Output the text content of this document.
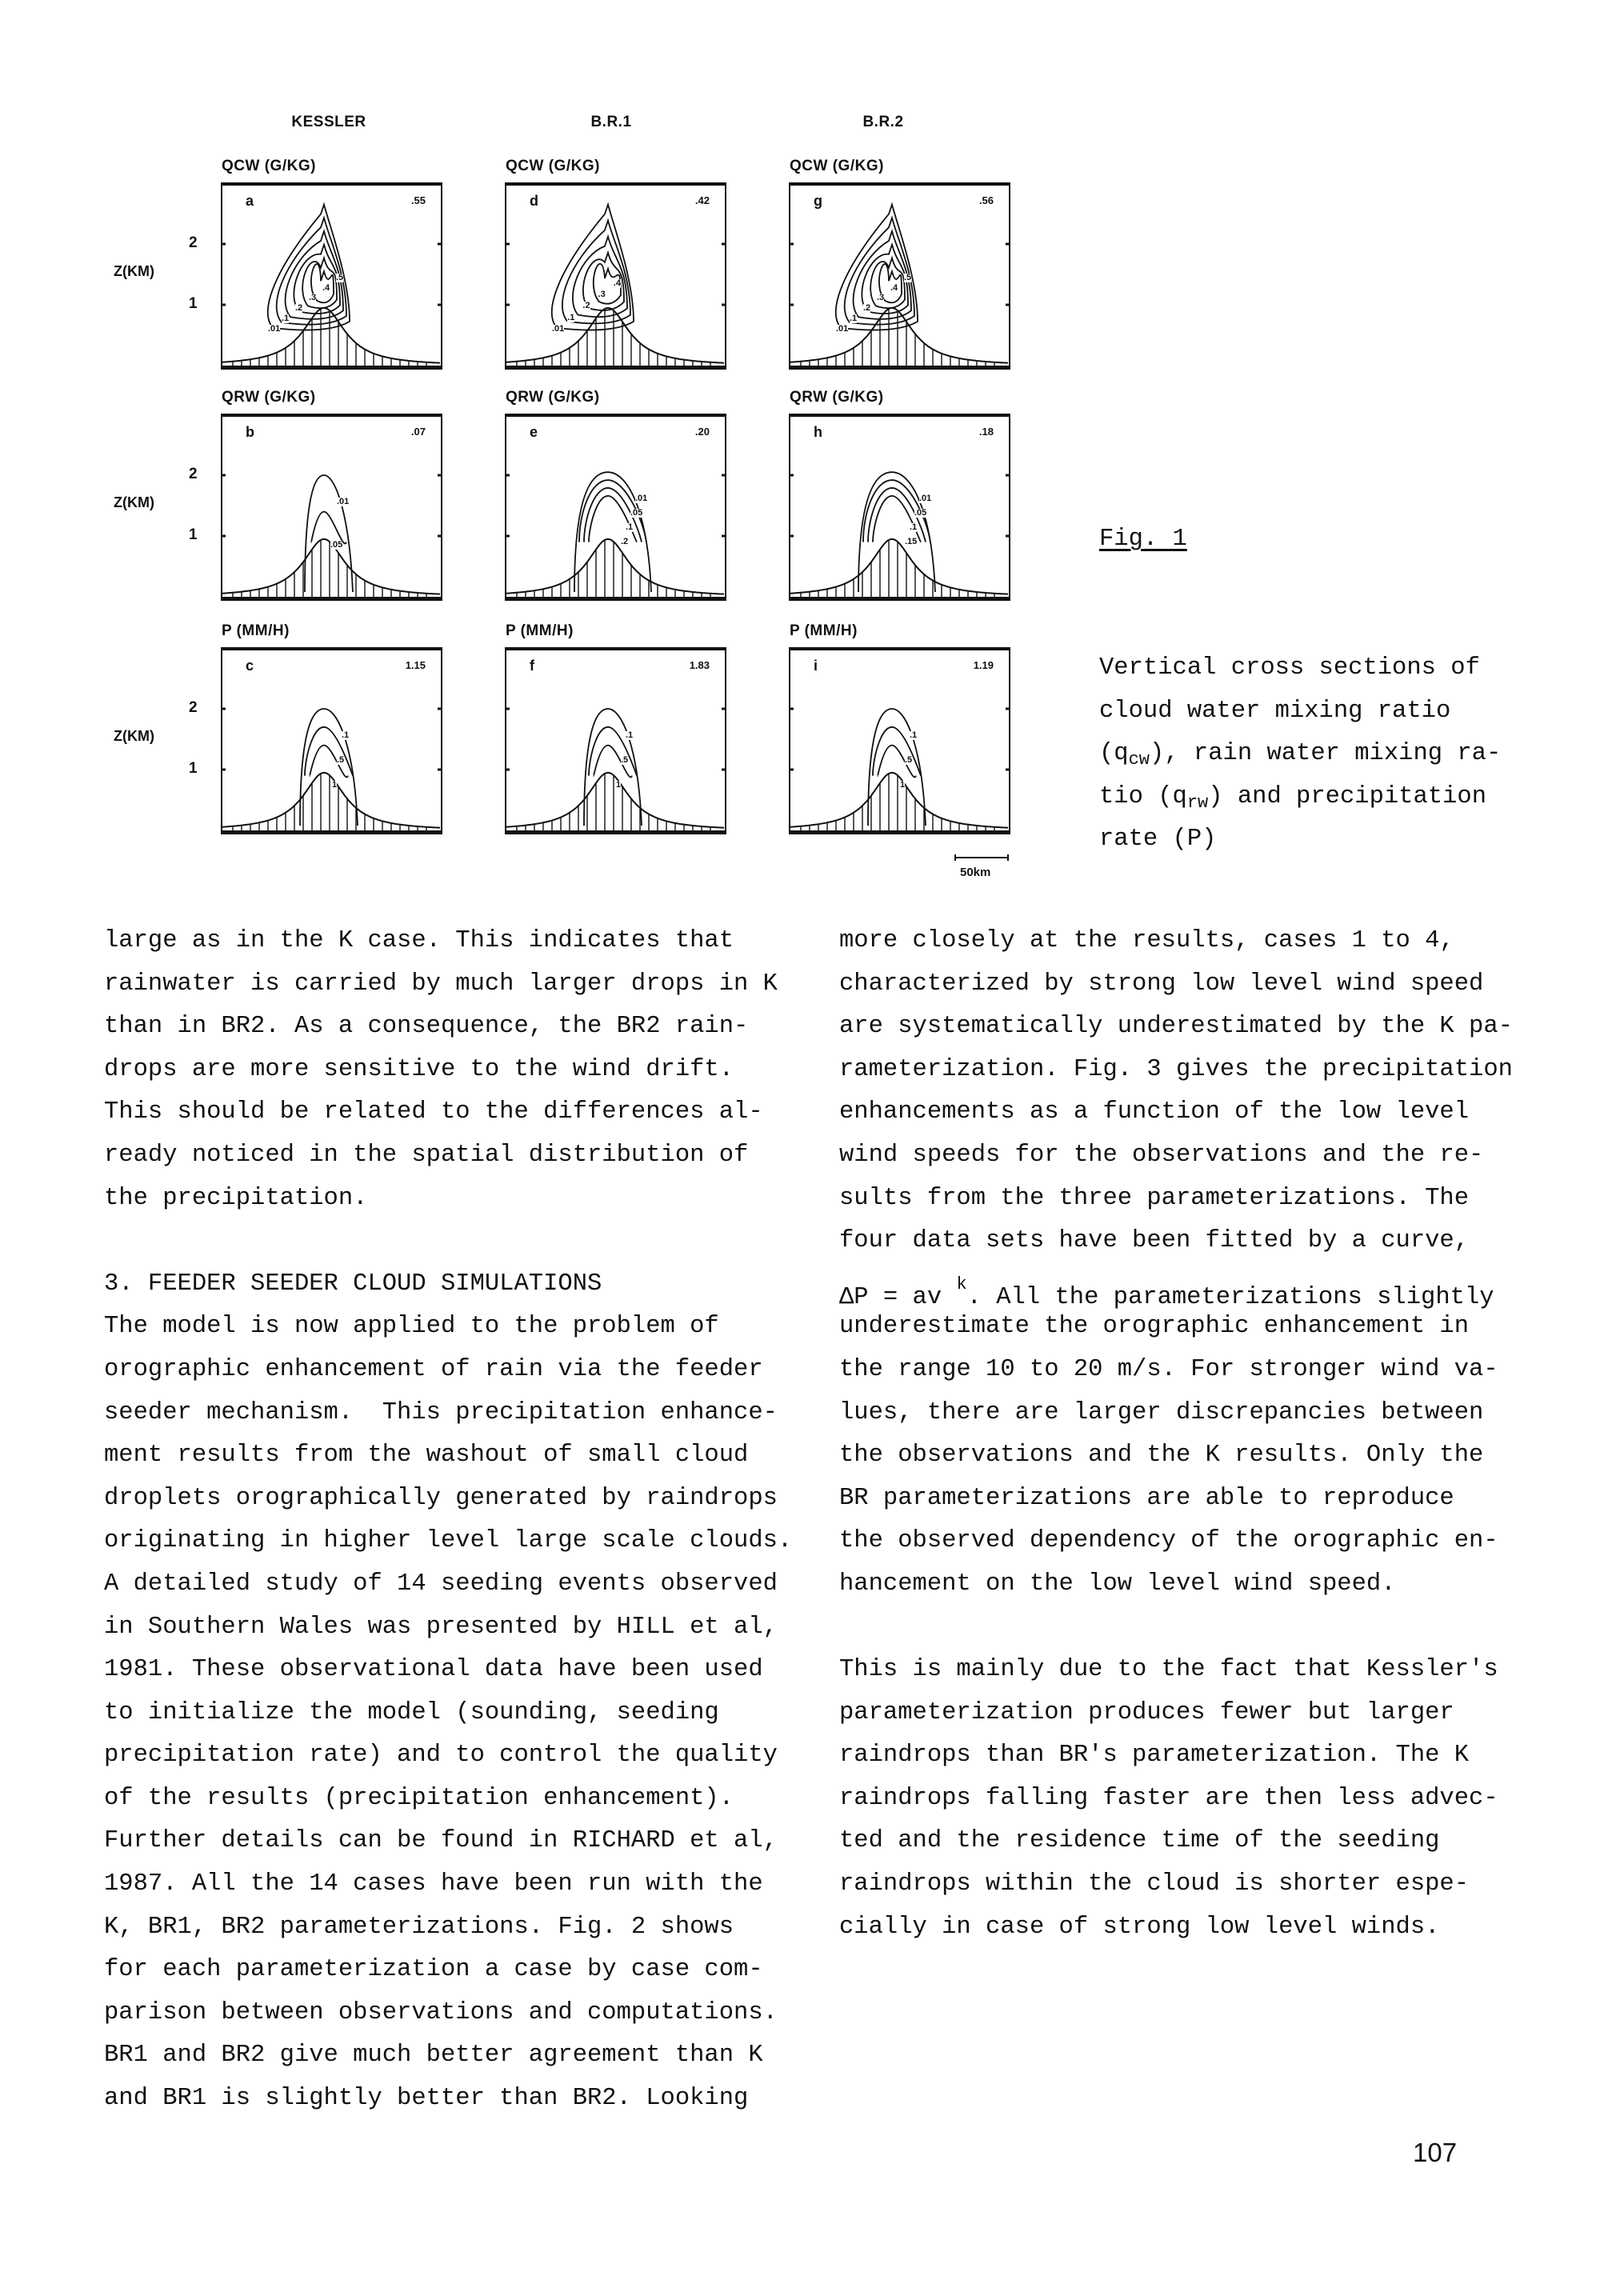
KESSLER	B.R.1	B.R.2
Z(KM)
2
1
QCW (G/KG)	QCW (G/KG)	QCW (G/KG)
Z(KM)
2
1
QRW (G/KG)	QRW (G/KG)	QRW (G/KG)
Z(KM)
2
1
P (MM/H)	P (MM/H)	P (MM/H)
a	.55
.01
.1
.2
.3
.4
.5
d	.42
.01
.1
.2
.3
.4
g	.56
.01
.1
.2
.3
.4
.5
b	.07
.01
.05
e	.20
.01
.05
.1
.2
h	.18
.01
.05
.1
.15
c	1.15
.1
.5
1
f	1.83
.1
.5
1
i	1.19
.1
.5
1
50km

Fig. 1

Vertical cross sections of
cloud water mixing ratio
$(q_{cw})$, rain water mixing ra-
tio $(q_{rw})$ and precipitation
rate (P)

large as in the K case. This indicates that
rainwater is carried by much larger drops in K
than in BR2. As a consequence, the BR2 rain-
drops are more sensitive to the wind drift.
This should be related to the differences al-
ready noticed in the spatial distribution of
the precipitation.
3. FEEDER SEEDER CLOUD SIMULATIONS
The model is now applied to the problem of
orographic enhancement of rain via the feeder
seeder mechanism.  This precipitation enhance-
ment results from the washout of small cloud
droplets orographically generated by raindrops
originating in higher level large scale clouds.
A detailed study of 14 seeding events observed
in Southern Wales was presented by HILL et al,
1981. These observational data have been used
to initialize the model (sounding, seeding
precipitation rate) and to control the quality
of the results (precipitation enhancement).
Further details can be found in RICHARD et al,
1987. All the 14 cases have been run with the
K, BR1, BR2 parameterizations. Fig. 2 shows
for each parameterization a case by case com-
parison between observations and computations.
BR1 and BR2 give much better agreement than K
and BR1 is slightly better than BR2. Looking
more closely at the results, cases 1 to 4,
characterized by strong low level wind speed
are systematically underestimated by the K pa-
rameterization. Fig. 3 gives the precipitation
enhancements as a function of the low level
wind speeds for the observations and the re-
sults from the three parameterizations. The
four data sets have been fitted by a curve,
ΔP = av $^k$. All the parameterizations slightly
underestimate the orographic enhancement in
the range 10 to 20 m/s. For stronger wind va-
lues, there are larger discrepancies between
the observations and the K results. Only the
BR parameterizations are able to reproduce
the observed dependency of the orographic en-
hancement on the low level wind speed.
This is mainly due to the fact that Kessler's
parameterization produces fewer but larger
raindrops than BR's parameterization. The K
raindrops falling faster are then less advec-
ted and the residence time of the seeding
raindrops within the cloud is shorter espe-
cially in case of strong low level winds.
107
